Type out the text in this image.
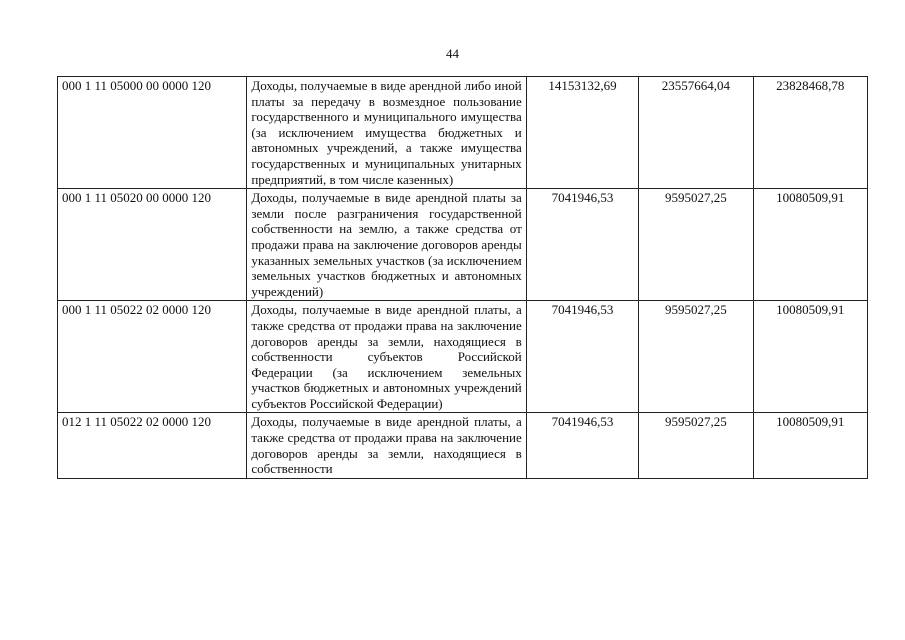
44
000 1 11 05000 00 0000 120	Доходы, получаемые в виде арендной либо иной платы за передачу в возмездное пользование государственного и муниципального имущества (за исключением имущества бюджетных и автономных учреждений, а также имущества государственных и муниципальных унитарных предприятий, в том числе казенных)	14153132,69	23557664,04	23828468,78
000 1 11 05020 00 0000 120	Доходы, получаемые в виде арендной платы за земли после разграничения государственной собственности на землю, а также средства от продажи права на заключение договоров аренды указанных земельных участков (за исключением земельных участков бюджетных и автономных учреждений)	7041946,53	9595027,25	10080509,91
000 1 11 05022 02 0000 120	Доходы, получаемые в виде арендной платы, а также средства от продажи права на заключение договоров аренды за земли, находящиеся в собственности субъектов Российской Федерации (за исключением земельных участков бюджетных и автономных учреждений субъектов Российской Федерации)	7041946,53	9595027,25	10080509,91
012 1 11 05022 02 0000 120	Доходы, получаемые в виде арендной платы, а также средства от продажи права на заключение договоров аренды за земли, находящиеся в собственности	7041946,53	9595027,25	10080509,91
